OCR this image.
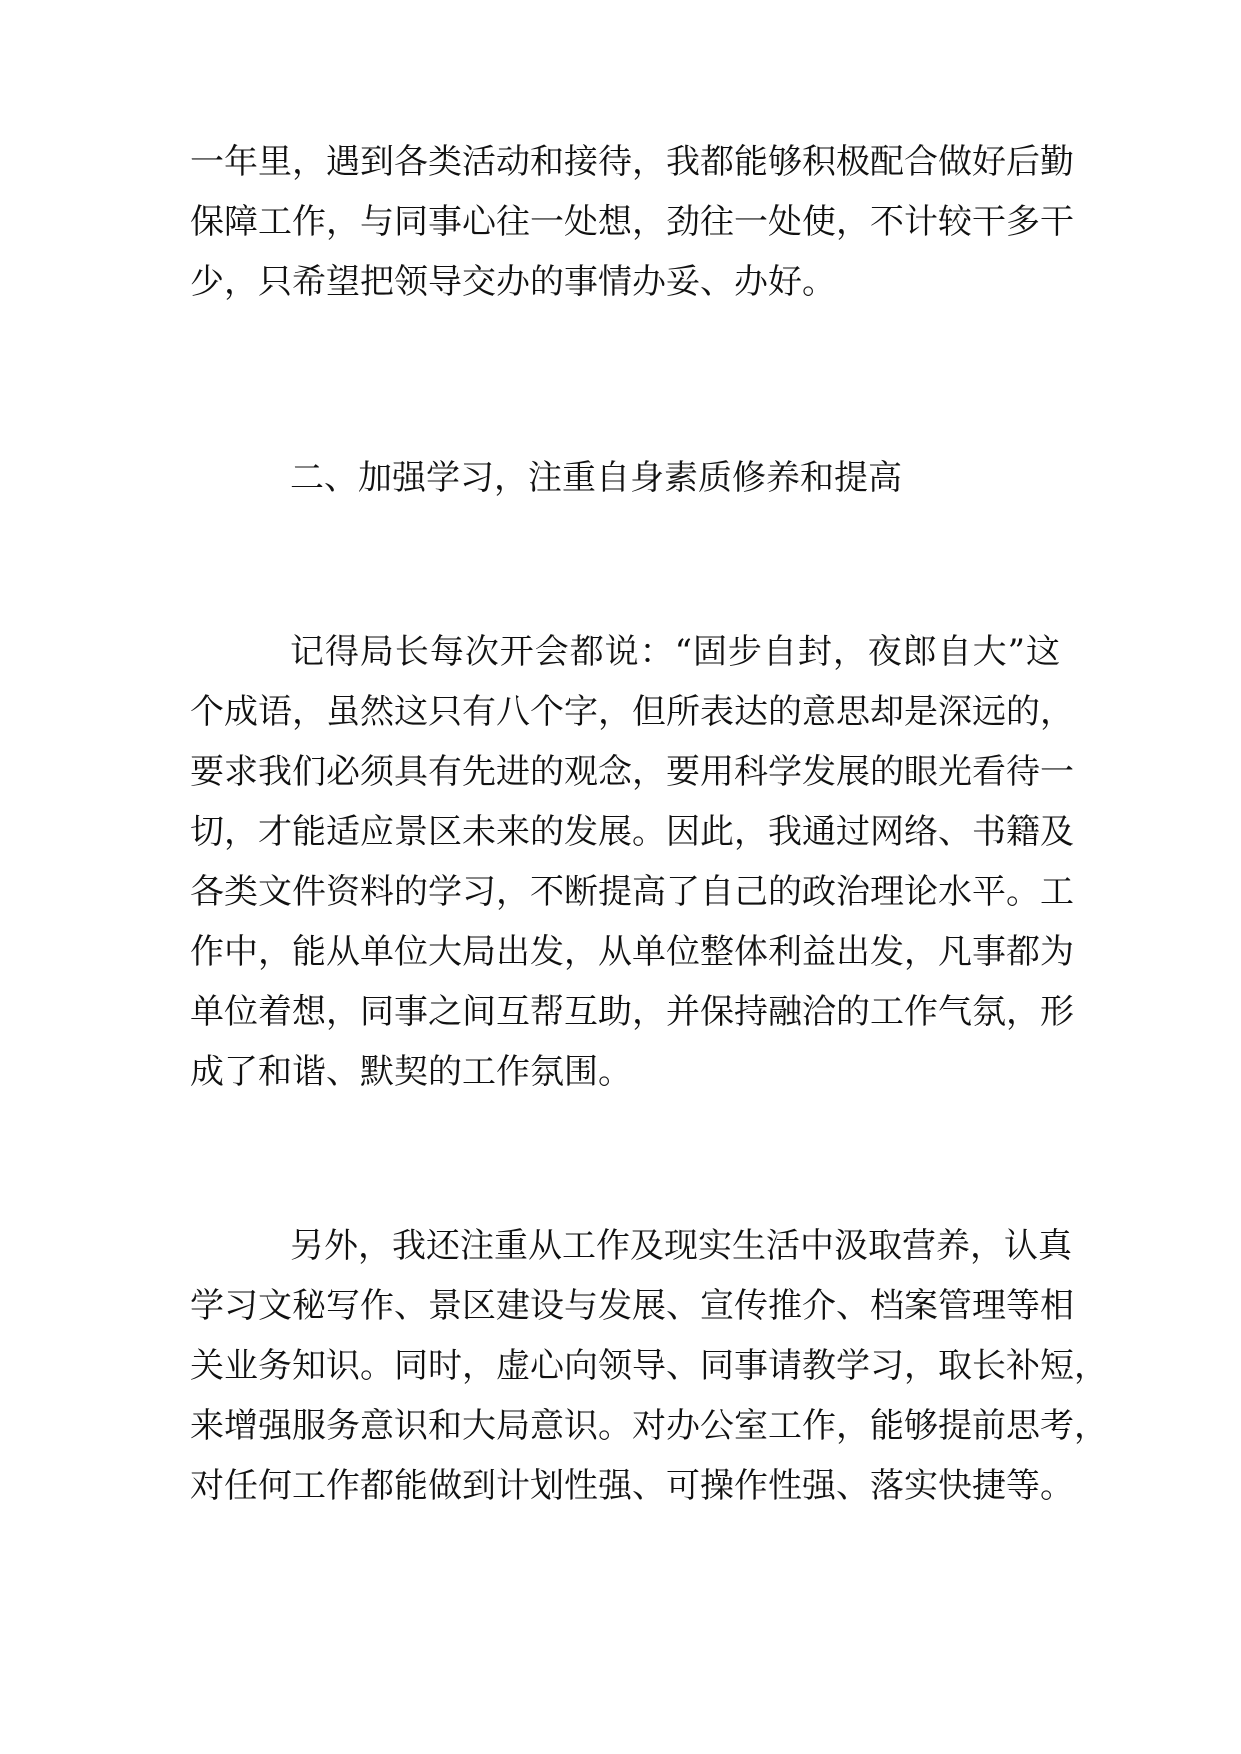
一年里，遇到各类活动和接待，我都能够积极配合做好后勤

保障工作，与同事心往一处想，劲往一处使，不计较干多干

少，只希望把领导交办的事情办妥、办好。

二、加强学习，注重自身素质修养和提高

记得局长每次开会都说：“固步自封，夜郎自大”这

个成语，虽然这只有八个字，但所表达的意思却是深远的，

要求我们必须具有先进的观念，要用科学发展的眼光看待一

切，才能适应景区未来的发展。因此，我通过网络、书籍及

各类文件资料的学习，不断提高了自己的政治理论水平。工

作中，能从单位大局出发，从单位整体利益出发，凡事都为

单位着想，同事之间互帮互助，并保持融洽的工作气氛，形

成了和谐、默契的工作氛围。

另外，我还注重从工作及现实生活中汲取营养，认真

学习文秘写作、景区建设与发展、宣传推介、档案管理等相

关业务知识。同时，虚心向领导、同事请教学习，取长补短，

来增强服务意识和大局意识。对办公室工作，能够提前思考，

对任何工作都能做到计划性强、可操作性强、落实快捷等。
